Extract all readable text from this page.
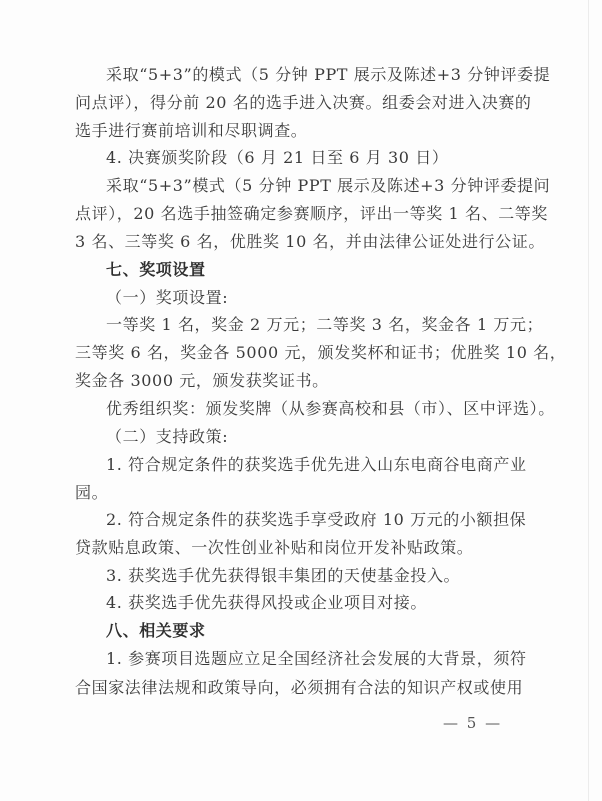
采取“5+3”的模式（5 分钟 PPT 展示及陈述+3 分钟评委提
问点评），得分前 20 名的选手进入决赛。组委会对进入决赛的
选手进行赛前培训和尽职调查。
4. 决赛颁奖阶段（6 月 21 日至 6 月 30 日）
采取“5+3”模式（5 分钟 PPT 展示及陈述+3 分钟评委提问
点评），20 名选手抽签确定参赛顺序，评出一等奖 1 名、二等奖
3 名、三等奖 6 名，优胜奖 10 名，并由法律公证处进行公证。
七、奖项设置
（一）奖项设置:
一等奖 1 名，奖金 2 万元；二等奖 3 名，奖金各 1 万元；
三等奖 6 名，奖金各 5000 元，颁发奖杯和证书；优胜奖 10 名，
奖金各 3000 元，颁发获奖证书。
优秀组织奖：颁发奖牌（从参赛高校和县（市）、区中评选）。
（二）支持政策:
1. 符合规定条件的获奖选手优先进入山东电商谷电商产业
园。
2. 符合规定条件的获奖选手享受政府 10 万元的小额担保
贷款贴息政策、一次性创业补贴和岗位开发补贴政策。
3. 获奖选手优先获得银丰集团的天使基金投入。
4. 获奖选手优先获得风投或企业项目对接。
八、相关要求
1. 参赛项目选题应立足全国经济社会发展的大背景，须符
合国家法律法规和政策导向，必须拥有合法的知识产权或使用
— 5 —
